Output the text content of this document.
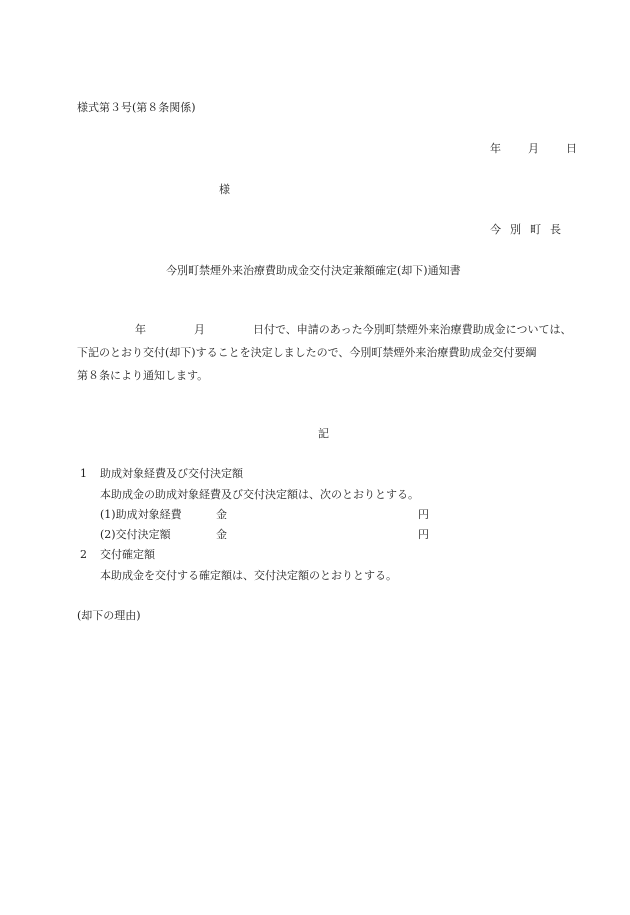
様式第３号(第８条関係)
年 月 日
様
今別町長
今別町禁煙外来治療費助成金交付決定兼額確定(却下)通知書
年	月	日付で、申請のあった今別町禁煙外来治療費助成金については、
下記のとおり交付(却下)することを決定しましたので、今別町禁煙外来治療費助成金交付要綱
第８条により通知します。
記
1 助成対象経費及び交付決定額
本助成金の助成対象経費及び交付決定額は、次のとおりとする。
(1)助成対象経費	金	円
(2)交付決定額	金	円
2 交付確定額
本助成金を交付する確定額は、交付決定額のとおりとする。
(却下の理由)
